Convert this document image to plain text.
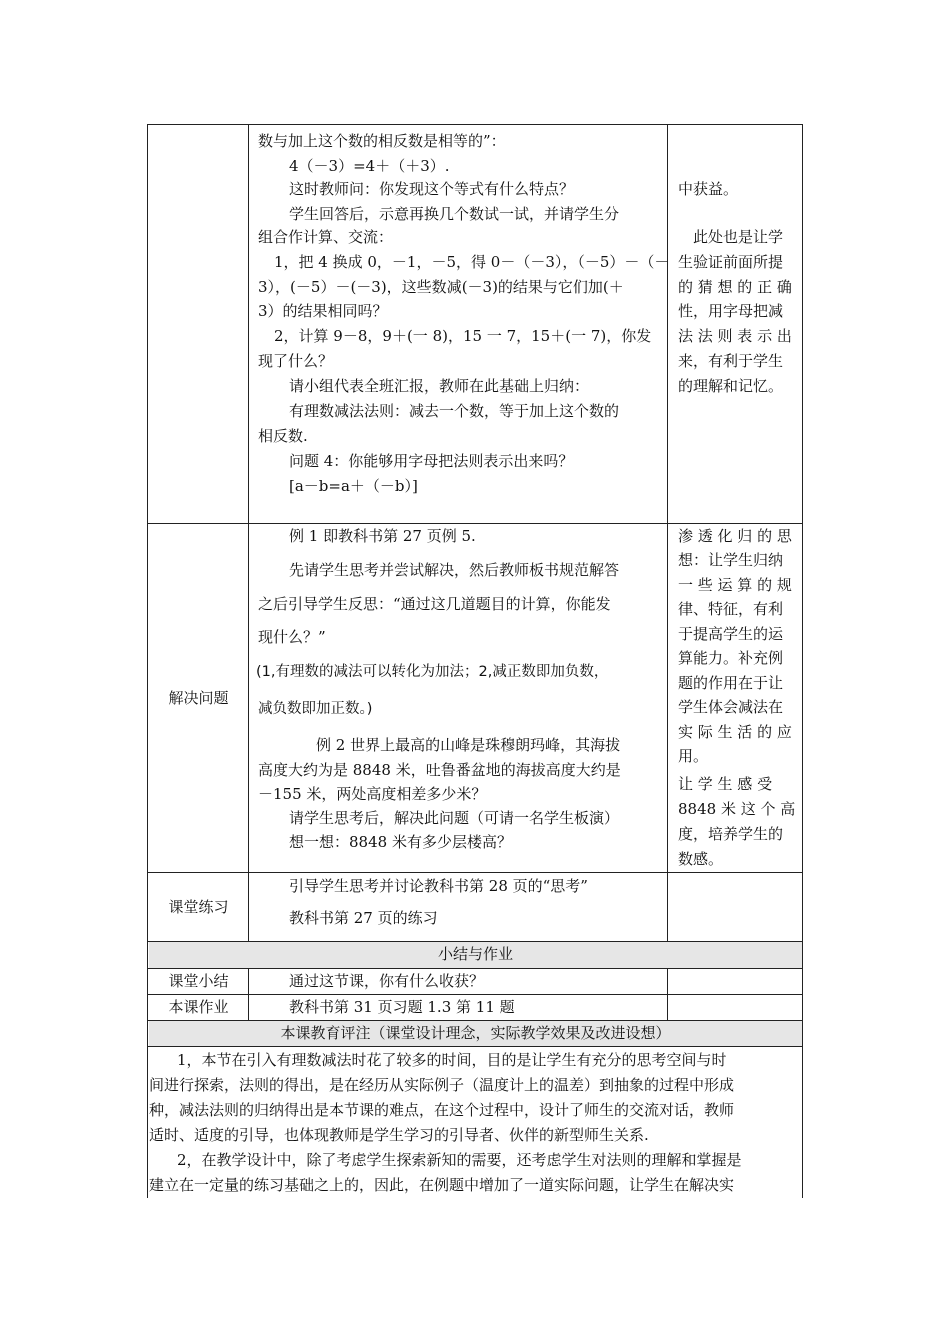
数与加上这个数的相反数是相等的”：
4（－3）=4＋（＋3）.
这时教师问：你发现这个等式有什么特点？
学生回答后，示意再换几个数试一试，并请学生分
组合作计算、交流：
1，把 4 换成 0，－1，－5，得 0－（－3），（－5）－（－
3），(－5）－(－3)，这些数减(－3)的结果与它们加(＋
3）的结果相同吗？
2，计算 9－8，9＋(一 8)，15 一 7，15＋(一 7)，你发
现了什么？
请小组代表全班汇报，教师在此基础上归纳：
有理数减法法则：减去一个数，等于加上这个数的
相反数.
问题 4：你能够用字母把法则表示出来吗？
[a－b=a＋（－b）]
中获益。
此处也是让学
生验证前面所提
的 猜 想 的 正 确
性，用字母把减
法 法 则 表 示 出
来，有利于学生
的理解和记忆。
解决问题
例 1 即教科书第 27 页例 5.
先请学生思考并尝试解决，然后教师板书规范解答
之后引导学生反思：“通过这几道题目的计算，你能发
现什么？”
(1,有理数的减法可以转化为加法；2,减正数即加负数，
减负数即加正数。)
例 2 世界上最高的山峰是珠穆朗玛峰，其海拔
高度大约为是 8848 米，吐鲁番盆地的海拔高度大约是
－155 米，两处高度相差多少米？
请学生思考后，解决此问题（可请一名学生板演）
想一想：8848 米有多少层楼高？
渗 透 化 归 的 思
想：让学生归纳
一 些 运 算 的 规
律、特征，有利
于提高学生的运
算能力。补充例
题的作用在于让
学生体会减法在
实 际 生 活 的 应
用。
让 学 生 感 受
8848 米 这 个 高
度，培养学生的
数感。
课堂练习
引导学生思考并讨论教科书第 28 页的“思考”
教科书第 27 页的练习
小结与作业
课堂小结	通过这节课，你有什么收获？
本课作业	教科书第 31 页习题 1.3 第 11 题
本课教育评注（课堂设计理念，实际教学效果及改进设想）
1，本节在引入有理数减法时花了较多的时间，目的是让学生有充分的思考空间与时
间进行探索，法则的得出，是在经历从实际例子（温度计上的温差）到抽象的过程中形成
种，减法法则的归纳得出是本节课的难点，在这个过程中，设计了师生的交流对话，教师
适时、适度的引导，也体现教师是学生学习的引导者、伙伴的新型师生关系.
2，在教学设计中，除了考虑学生探索新知的需要，还考虑学生对法则的理解和掌握是
建立在一定量的练习基础之上的，因此，在例题中增加了一道实际问题，让学生在解决实
